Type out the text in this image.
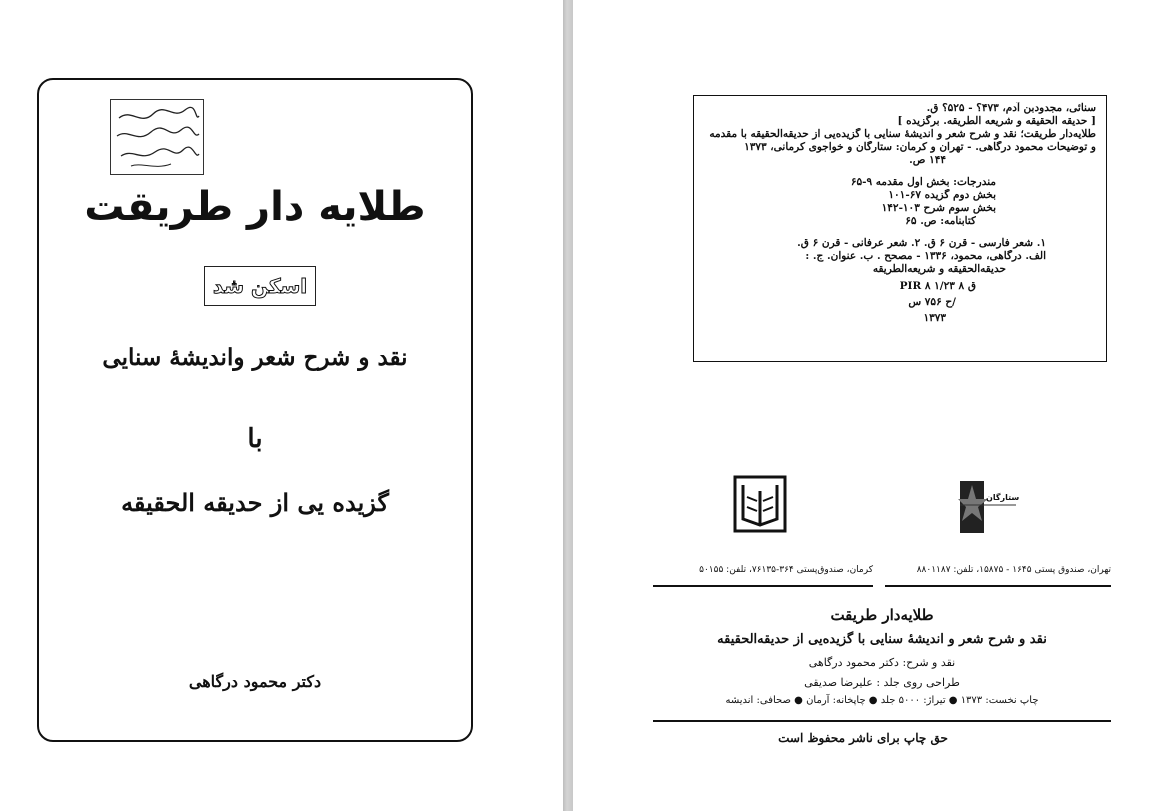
طلایه دار طریقت
اسکن شد
نقد و شرح شعر واندیشهٔ سنایی
با
گزیده یی از حدیقه الحقیقه
دکتر محمود درگاهی
سنائی، مجدودبن آدم، ۴۷۳؟ - ۵۲۵؟ ق.
[ حدیقه الحقیقه و شریعه الطریقه. برگزیده ]
طلایه‌دار طریقت؛ نقد و شرح شعر و اندیشهٔ سنایی با گزیده‌یی از حدیقه‌الحقیقه با مقدمه
و توضیحات محمود درگاهی. - تهران و کرمان: ستارگان و خواجوی کرمانی، ۱۳۷۳
۱۴۴ ص.
مندرجات: بخش اول مقدمه ۹-۶۵
بخش دوم گزیده ۶۷-۱۰۱
بخش سوم شرح ۱۰۳-۱۴۲
کتابنامه: ص. ۶۵
۱. شعر فارسی - قرن ۶ ق. ۲. شعر عرفانی - قرن ۶ ق.
الف. درگاهی، محمود، ۱۳۳۶ - مصحح . ب. عنوان. ج. :
حدیقه‌الحقیقه و شریعه‌الطریقه
PIR ۸ ۱/۲۳ ۸ ق
/ح ۷۵۶ س
۱۳۷۳
ستارگان
کرمان، صندوق‌پستی ۳۶۴-۷۶۱۳۵، تلفن: ۵۰۱۵۵	تهران، صندوق پستی ۱۶۴۵ - ۱۵۸۷۵، تلفن: ۸۸۰۱۱۸۷
طلایه‌دار طریقت
نقد و شرح شعر و اندیشهٔ سنایی با گزیده‌یی از حدیقه‌الحقیقه
نقد و شرح: دکتر محمود درگاهی
طراحی روی جلد : علیرضا صدیقی
چاپ نخست: ۱۳۷۳ ● تیراژ: ۵۰۰۰ جلد ● چاپخانه: آرمان ● صحافی: اندیشه
حق چاپ برای ناشر محفوظ است
